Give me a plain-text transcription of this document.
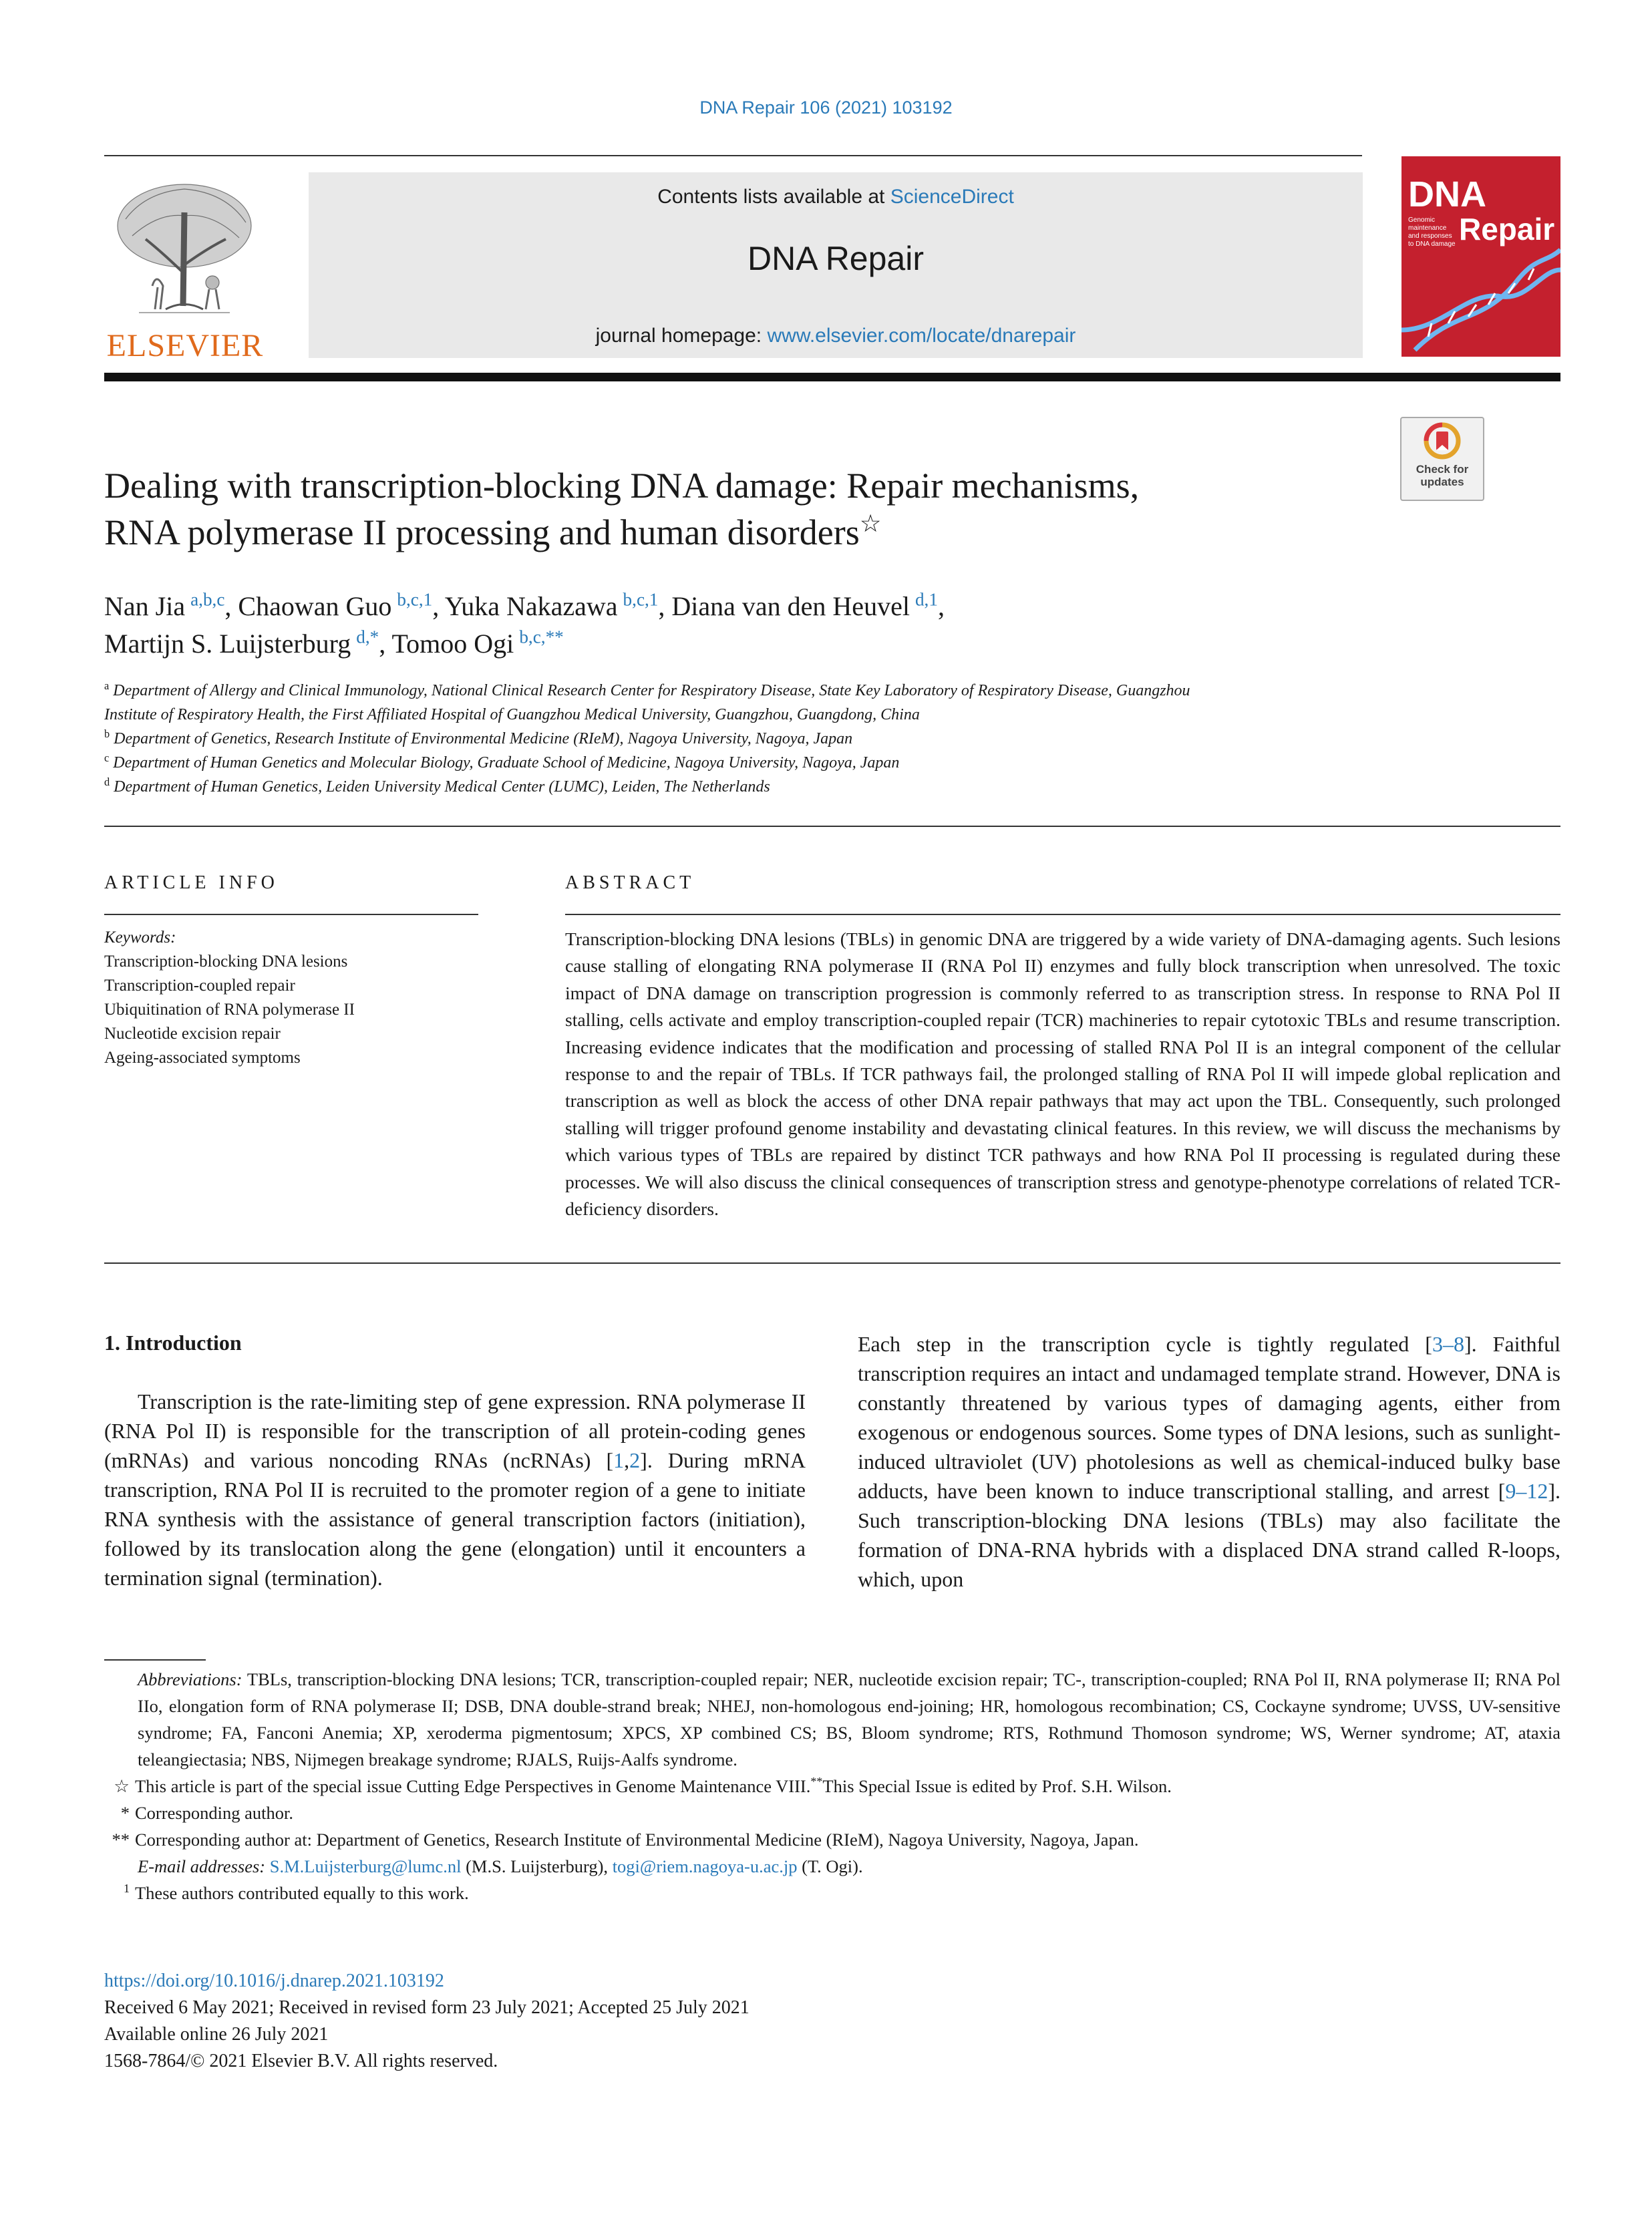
DNA Repair 106 (2021) 103192
ELSEVIER
Contents lists available at ScienceDirect
DNA Repair
journal homepage: www.elsevier.com/locate/dnarepair
DNA
Repair
Genomic
maintenance
and responses
to DNA damage
Check for
updates
Dealing with transcription-blocking DNA damage: Repair mechanisms,
RNA polymerase II processing and human disorders☆
Nan Jia  $^{a,b,c}$, Chaowan Guo  $^{b,c,1}$, Yuka Nakazawa  $^{b,c,1}$, Diana van den Heuvel  $^{d,1}$,
Martijn S. Luijsterburg  $^{d,*}$, Tomoo Ogi  $^{b,c,**}$
$^a$ Department of Allergy and Clinical Immunology, National Clinical Research Center for Respiratory Disease, State Key Laboratory of Respiratory Disease, Guangzhou
Institute of Respiratory Health, the First Affiliated Hospital of Guangzhou Medical University, Guangzhou, Guangdong, China
$^b$ Department of Genetics, Research Institute of Environmental Medicine (RIeM), Nagoya University, Nagoya, Japan
$^c$ Department of Human Genetics and Molecular Biology, Graduate School of Medicine, Nagoya University, Nagoya, Japan
$^d$ Department of Human Genetics, Leiden University Medical Center (LUMC), Leiden, The Netherlands
ARTICLE INFO	ABSTRACT
Keywords:
Transcription-blocking DNA lesions
Transcription-coupled repair
Ubiquitination of RNA polymerase II
Nucleotide excision repair
Ageing-associated symptoms
Transcription-blocking DNA lesions (TBLs) in genomic DNA are triggered by a wide variety of DNA-damaging agents. Such lesions cause stalling of elongating RNA polymerase II (RNA Pol II) enzymes and fully block transcription when unresolved. The toxic impact of DNA damage on transcription progression is commonly referred to as transcription stress. In response to RNA Pol II stalling, cells activate and employ transcription-coupled repair (TCR) machineries to repair cytotoxic TBLs and resume transcription. Increasing evidence indicates that the modification and processing of stalled RNA Pol II is an integral component of the cellular response to and the repair of TBLs. If TCR pathways fail, the prolonged stalling of RNA Pol II will impede global replication and transcription as well as block the access of other DNA repair pathways that may act upon the TBL. Consequently, such prolonged stalling will trigger profound genome instability and devastating clinical features. In this review, we will discuss the mechanisms by which various types of TBLs are repaired by distinct TCR pathways and how RNA Pol II processing is regulated during these processes. We will also discuss the clinical consequences of transcription stress and genotype-phenotype correlations of related TCR-deficiency disorders.
1. Introduction

Transcription is the rate-limiting step of gene expression. RNA polymerase II (RNA Pol II) is responsible for the transcription of all protein-coding genes (mRNAs) and various noncoding RNAs (ncRNAs) [1,2]. During mRNA transcription, RNA Pol II is recruited to the promoter region of a gene to initiate RNA synthesis with the assistance of general transcription factors (initiation), followed by its translocation along the gene (elongation) until it encounters a termination signal (termination).

Each step in the transcription cycle is tightly regulated [3–8]. Faithful transcription requires an intact and undamaged template strand. However, DNA is constantly threatened by various types of damaging agents, either from exogenous or endogenous sources. Some types of DNA lesions, such as sunlight-induced ultraviolet (UV) photolesions as well as chemical-induced bulky base adducts, have been known to induce transcriptional stalling, and arrest [9–12]. Such transcription-blocking DNA lesions (TBLs) may also facilitate the formation of DNA-RNA hybrids with a displaced DNA strand called R-loops, which, upon

Abbreviations: TBLs, transcription-blocking DNA lesions; TCR, transcription-coupled repair; NER, nucleotide excision repair; TC-, transcription-coupled; RNA Pol II, RNA polymerase II; RNA Pol IIo, elongation form of RNA polymerase II; DSB, DNA double-strand break; NHEJ, non-homologous end-joining; HR, homologous recombination; CS, Cockayne syndrome; UVSS, UV-sensitive syndrome; FA, Fanconi Anemia; XP, xeroderma pigmentosum; XPCS, XP combined CS; BS, Bloom syndrome; RTS, Rothmund Thomoson syndrome; WS, Werner syndrome; AT, ataxia teleangiectasia; NBS, Nijmegen breakage syndrome; RJALS, Ruijs-Aalfs syndrome.

☆ This article is part of the special issue Cutting Edge Perspectives in Genome Maintenance VIII.**This Special Issue is edited by Prof. S.H. Wilson.

* Corresponding author.

** Corresponding author at: Department of Genetics, Research Institute of Environmental Medicine (RIeM), Nagoya University, Nagoya, Japan.

E-mail addresses: S.M.Luijsterburg@lumc.nl (M.S. Luijsterburg), togi@riem.nagoya-u.ac.jp (T. Ogi).

$^1$ These authors contributed equally to this work.

https://doi.org/10.1016/j.dnarep.2021.103192
Received 6 May 2021; Received in revised form 23 July 2021; Accepted 25 July 2021
Available online 26 July 2021
1568-7864/© 2021 Elsevier B.V. All rights reserved.
